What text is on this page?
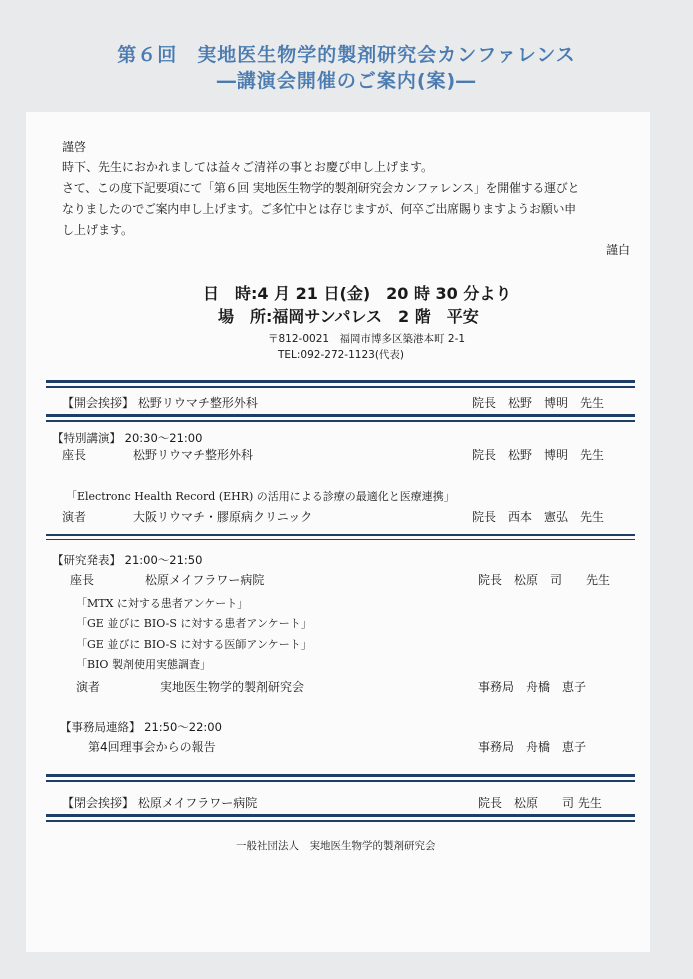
第６回　実地医生物学的製剤研究会カンファレンス
―講演会開催のご案内(案)―
謹啓
時下、先生におかれましては益々ご清祥の事とお慶び申し上げます。
さて、この度下記要項にて「第６回 実地医生物学的製剤研究会カンファレンス」を開催する運びと
なりましたのでご案内申し上げます。ご多忙中とは存じますが、何卒ご出席賜りますようお願い申
し上げます。
謹白
日　時:4 月 21 日(金)　20 時 30 分より
場　所:福岡サンパレス　2 階　平安
〒812-0021　福岡市博多区築港本町 2-1
TEL:092-272-1123(代表)
【開会挨拶】 松野リウマチ整形外科	院長　松野　博明　先生
【特別講演】 20:30～21:00
座長	松野リウマチ整形外科	院長　松野　博明　先生
「Electronc Health Record (EHR) の活用による診療の最適化と医療連携」
演者	大阪リウマチ・膠原病クリニック	院長　西本　憲弘　先生
【研究発表】 21:00～21:50
座長	松原メイフラワー病院	院長　松原　司　　先生
「MTX に対する患者アンケート」
「GE 並びに BIO-S に対する患者アンケート」
「GE 並びに BIO-S に対する医師アンケート」
「BIO 製剤使用実態調査」
演者	実地医生物学的製剤研究会	事務局　舟橋　恵子
【事務局連絡】 21:50～22:00
第4回理事会からの報告	事務局　舟橋　恵子
【閉会挨拶】 松原メイフラワー病院	院長　松原　　司 先生
一般社団法人　実地医生物学的製剤研究会
